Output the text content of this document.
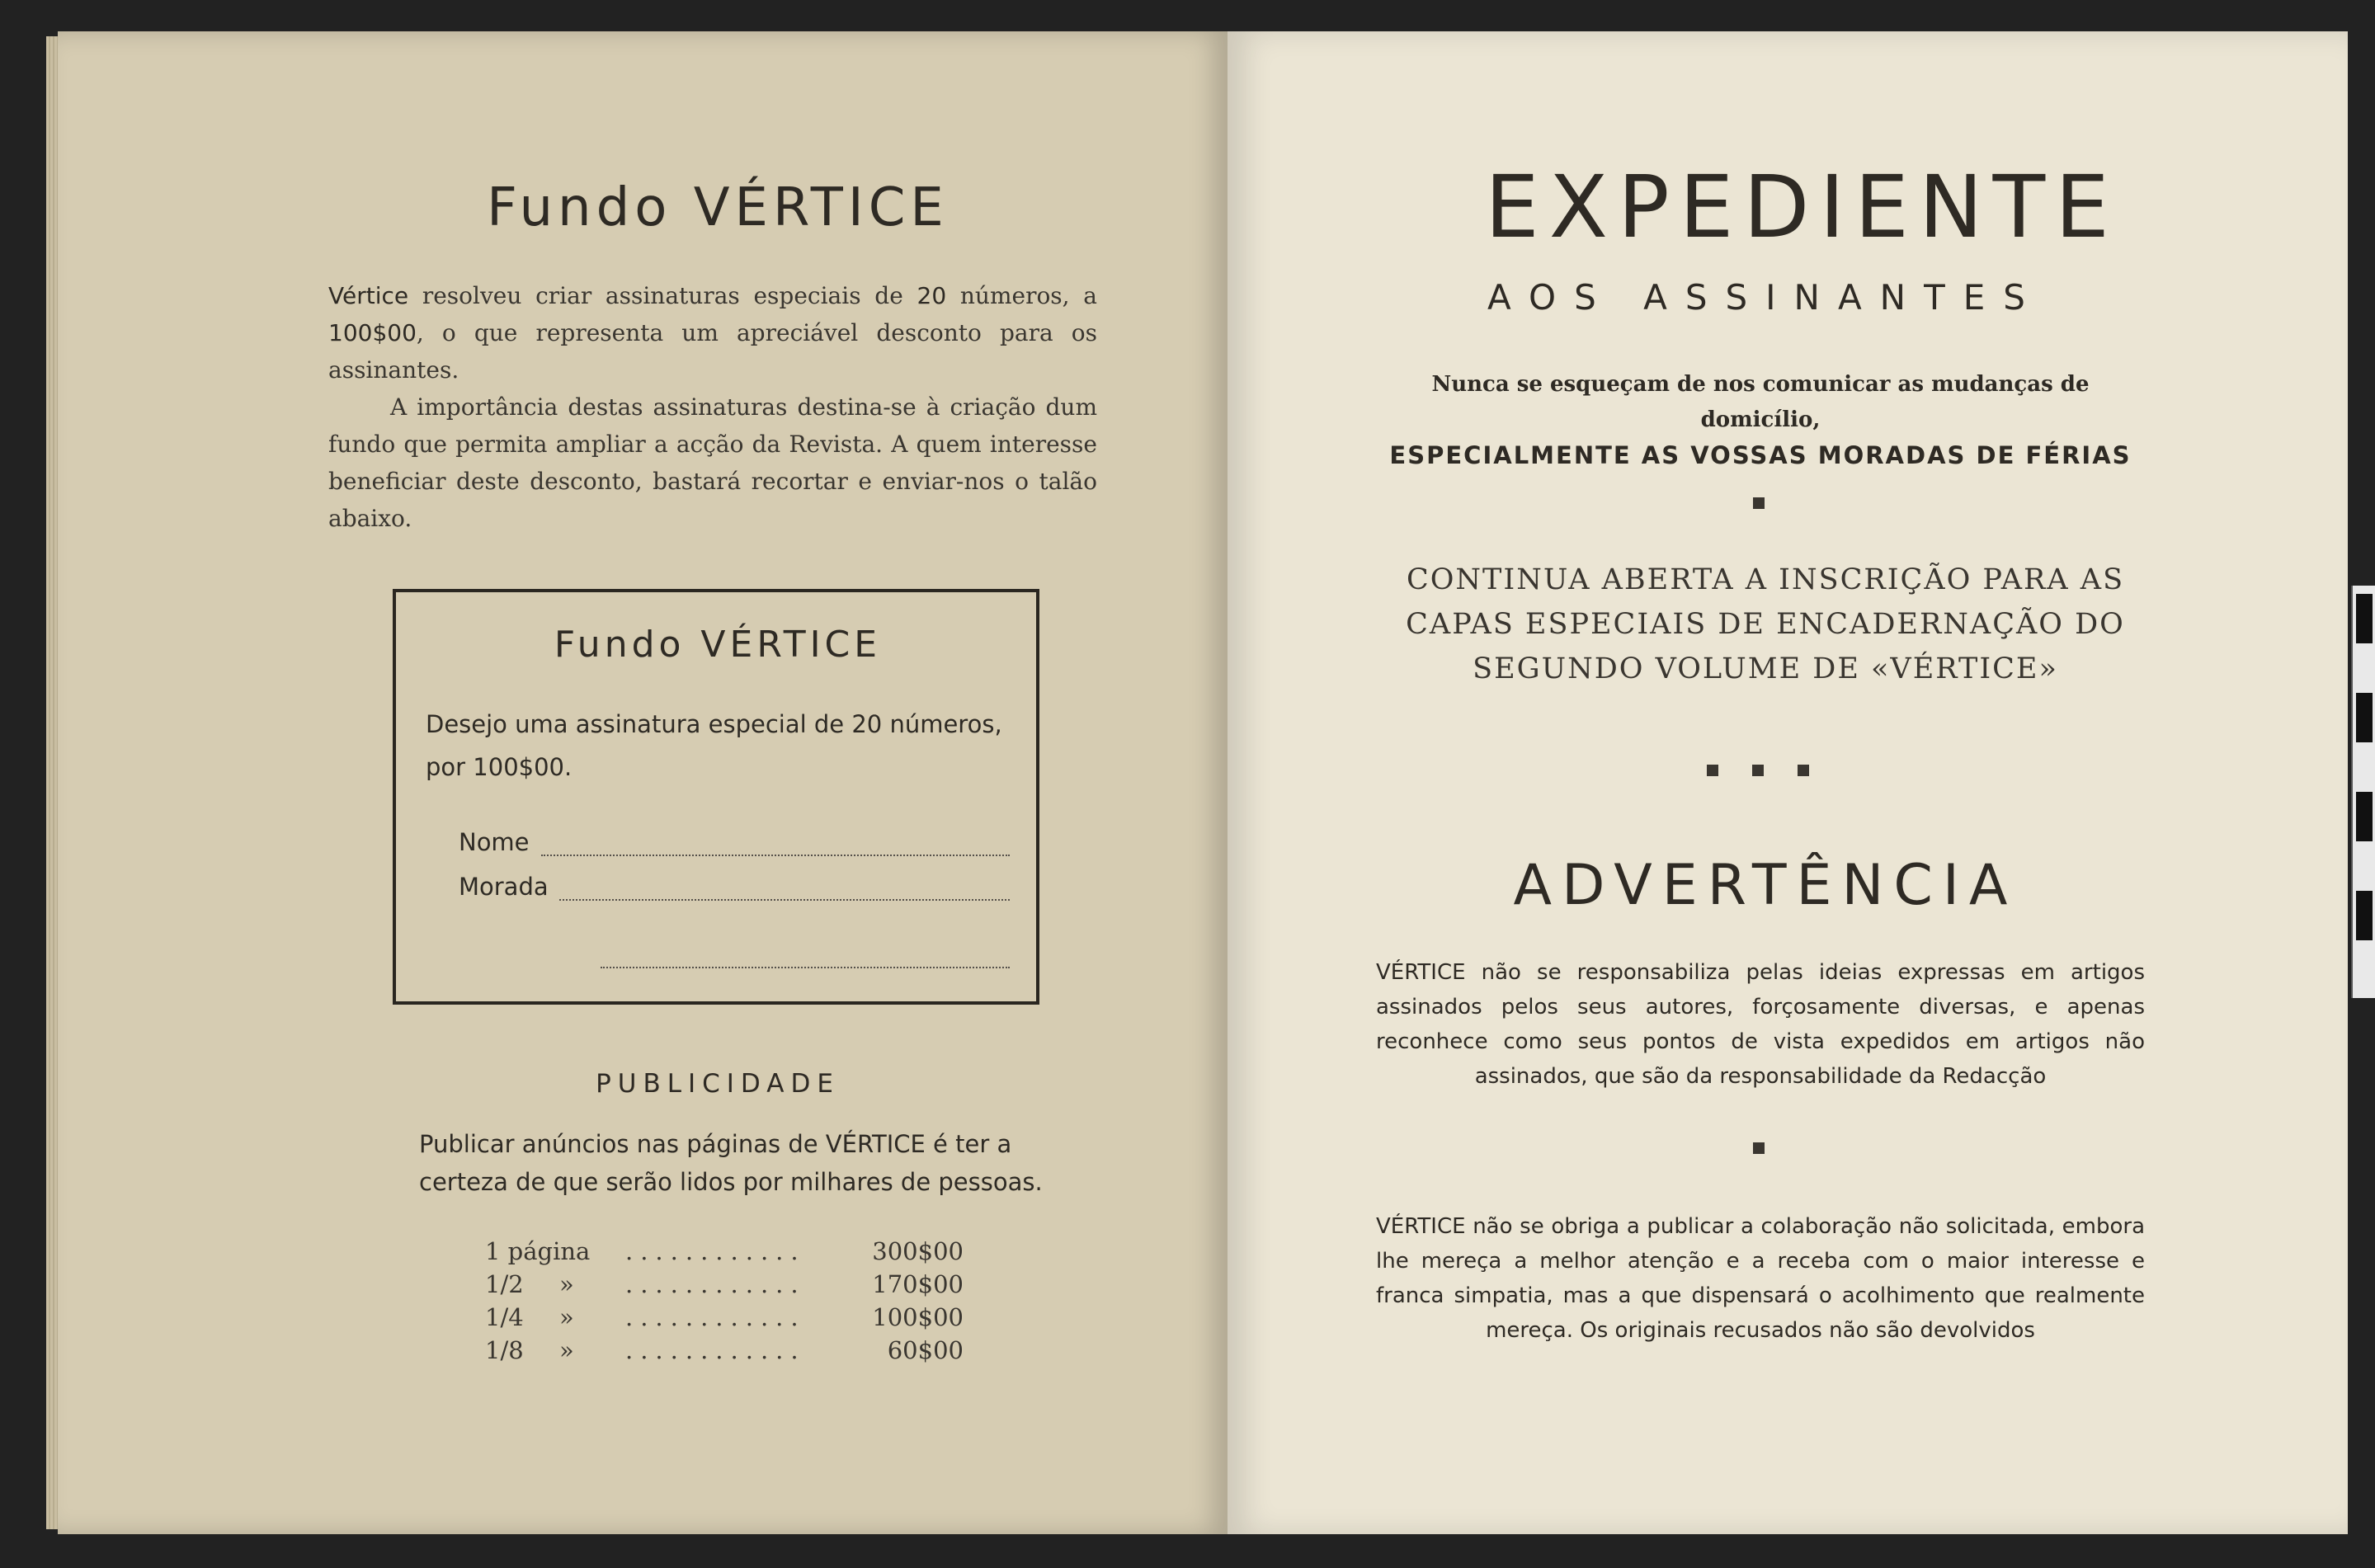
Fundo VÉRTICE

Vértice resolveu criar assinaturas especiais de 20 números, a 100$00, o que representa um apreciável desconto para os assinantes.

A importância destas assinaturas destina-se à criação dum fundo que permita ampliar a acção da Revista. A quem interesse beneficiar deste desconto, bastará recortar e enviar-nos o talão abaixo.

Fundo VÉRTICE
Desejo uma assinatura especial de 20 números, por 100$00.
Nome
Morada
PUBLICIDADE
Publicar anúncios nas páginas de VÉRTICE é ter a certeza de que serão lidos por milhares de pessoas.
1 página ............	300$00
1/2 » ............	170$00
1/4 » ............	100$00
1/8 » ............	60$00
EXPEDIENTE
AOS ASSINANTES
Nunca se esqueçam de nos comunicar as mudanças de domicílio,
ESPECIALMENTE AS VOSSAS MORADAS DE FÉRIAS
CONTINUA ABERTA A INSCRIÇÃO PARA AS CAPAS ESPECIAIS DE ENCADERNAÇÃO DO SEGUNDO VOLUME DE «VÉRTICE»
ADVERTÊNCIA
VÉRTICE não se responsabiliza pelas ideias expressas em artigos assinados pelos seus autores, forçosamente diversas, e apenas reconhece como seus pontos de vista expedidos em artigos não assinados, que são da responsabilidade da Redacção
VÉRTICE não se obriga a publicar a colaboração não solicitada, embora lhe mereça a melhor atenção e a receba com o maior interesse e franca simpatia, mas a que dispensará o acolhimento que realmente mereça. Os originais recusados não são devolvidos
